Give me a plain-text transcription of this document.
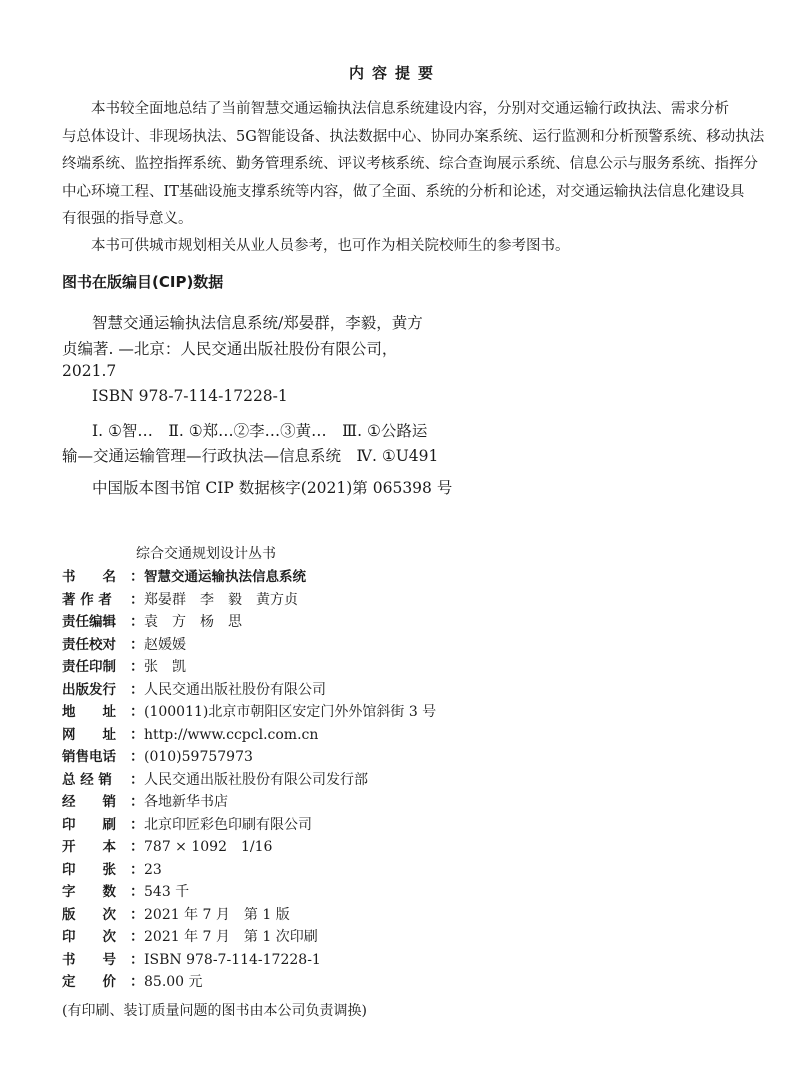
内容提要
本书较全面地总结了当前智慧交通运输执法信息系统建设内容，分别对交通运输行政执法、需求分析
与总体设计、非现场执法、5G智能设备、执法数据中心、协同办案系统、运行监测和分析预警系统、移动执法
终端系统、监控指挥系统、勤务管理系统、评议考核系统、综合查询展示系统、信息公示与服务系统、指挥分
中心环境工程、IT基础设施支撑系统等内容，做了全面、系统的分析和论述，对交通运输执法信息化建设具
有很强的指导意义。
本书可供城市规划相关从业人员参考，也可作为相关院校师生的参考图书。
图书在版编目(CIP)数据
智慧交通运输执法信息系统/郑晏群，李毅，黄方
贞编著. —北京：人民交通出版社股份有限公司，
2021.7
ISBN 978-7-114-17228-1
Ⅰ. ①智…　Ⅱ. ①郑…②李…③黄…　Ⅲ. ①公路运
输—交通运输管理—行政执法—信息系统　Ⅳ. ①U491
中国版本图书馆 CIP 数据核字(2021)第 065398 号
综合交通规划设计丛书
书　　名 ：智慧交通运输执法信息系统
著 作 者 ：郑晏群　李　毅　黄方贞
责任编辑 ：袁　方　杨　思
责任校对 ：赵媛媛
责任印制 ：张　凯
出版发行 ：人民交通出版社股份有限公司
地　　址 ：(100011)北京市朝阳区安定门外外馆斜街 3 号
网　　址 ：http://www.ccpcl.com.cn
销售电话 ：(010)59757973
总 经 销 ：人民交通出版社股份有限公司发行部
经　　销 ：各地新华书店
印　　刷 ：北京印匠彩色印刷有限公司
开　　本 ：787 × 1092　1/16
印　　张 ：23
字　　数 ：543 千
版　　次 ：2021 年 7 月　第 1 版
印　　次 ：2021 年 7 月　第 1 次印刷
书　　号 ：ISBN 978-7-114-17228-1
定　　价 ：85.00 元
(有印刷、装订质量问题的图书由本公司负责调换)
